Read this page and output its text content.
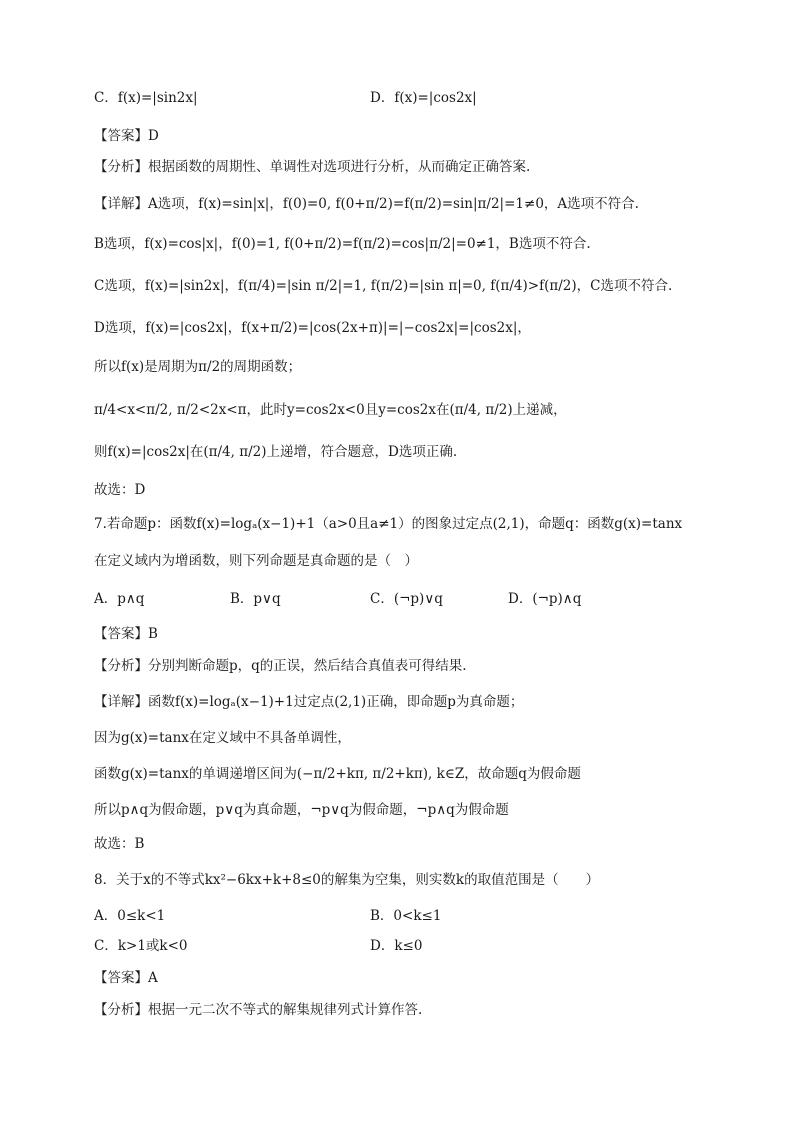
C．f(x)=|sin2x|	D．f(x)=|cos2x|
【答案】D
【分析】根据函数的周期性、单调性对选项进行分析，从而确定正确答案.
【详解】A选项，f(x)=sin|x|，f(0)=0, f(0+π/2)=f(π/2)=sin|π/2|=1≠0，A选项不符合.
B选项，f(x)=cos|x|，f(0)=1, f(0+π/2)=f(π/2)=cos|π/2|=0≠1，B选项不符合.
C选项，f(x)=|sin2x|，f(π/4)=|sin π/2|=1, f(π/2)=|sin π|=0, f(π/4)>f(π/2)，C选项不符合.
D选项，f(x)=|cos2x|，f(x+π/2)=|cos(2x+π)|=|−cos2x|=|cos2x|，
所以f(x)是周期为π/2的周期函数；
π/4<x<π/2, π/2<2x<π，此时y=cos2x<0且y=cos2x在(π/4, π/2)上递减，
则f(x)=|cos2x|在(π/4, π/2)上递增，符合题意，D选项正确.
故选：D
7.若命题p：函数f(x)=logₐ(x−1)+1（a>0且a≠1）的图象过定点(2,1)，命题q：函数g(x)=tanx
在定义域内为增函数，则下列命题是真命题的是（　）
A．p∧q	B．p∨q	C．(¬p)∨q	D．(¬p)∧q
【答案】B
【分析】分别判断命题p，q的正误，然后结合真值表可得结果.
【详解】函数f(x)=logₐ(x−1)+1过定点(2,1)正确，即命题p为真命题；
因为g(x)=tanx在定义域中不具备单调性，
函数g(x)=tanx的单调递增区间为(−π/2+kπ, π/2+kπ), k∈Z，故命题q为假命题
所以p∧q为假命题，p∨q为真命题，¬p∨q为假命题，¬p∧q为假命题
故选：B
8．关于x的不等式kx²−6kx+k+8≤0的解集为空集，则实数k的取值范围是（　　）
A．0≤k<1	B．0<k≤1
C．k>1或k<0	D．k≤0
【答案】A
【分析】根据一元二次不等式的解集规律列式计算作答.
